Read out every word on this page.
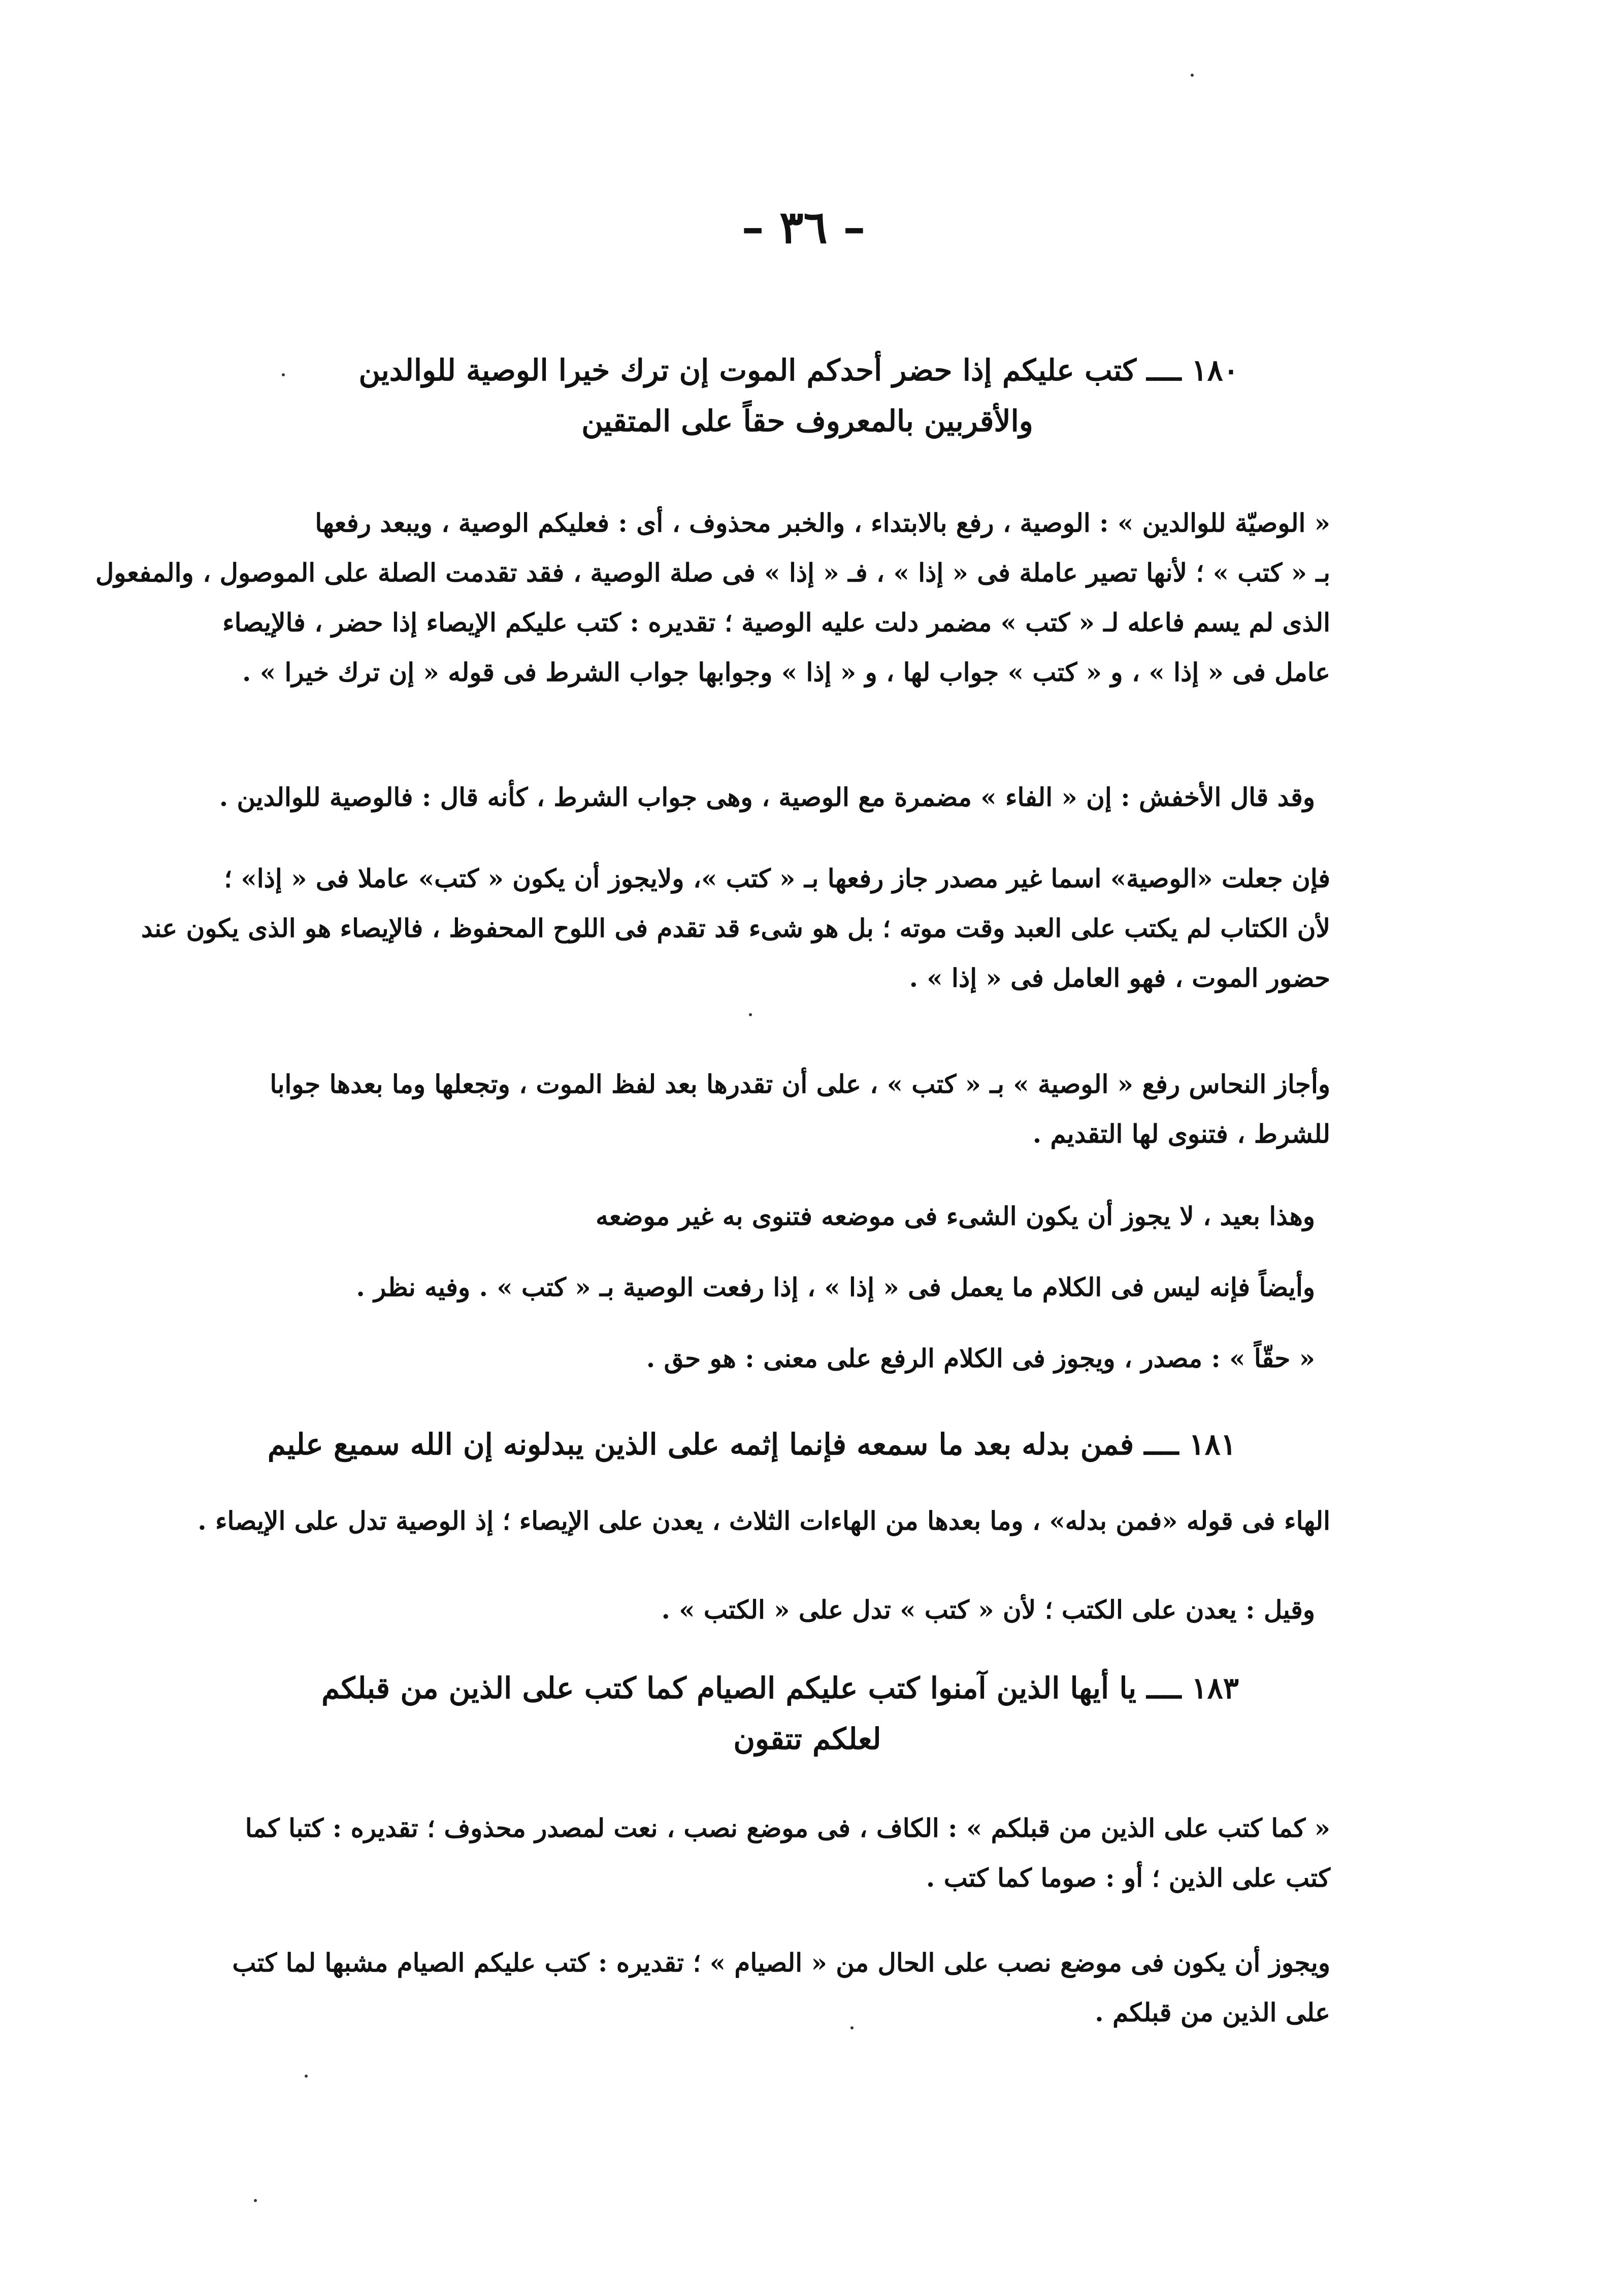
– ٣٦ –
١٨٠ ــــ كتب عليكم إذا حضر أحدكم الموت إن ترك خيرا الوصية للوالدين
والأقربين بالمعروف حقاً على المتقين
« الوصيّة للوالدين » : الوصية ، رفع بالابتداء ، والخبر محذوف ، أى : فعليكم الوصية ، ويبعد رفعها
بـ « كتب » ؛ لأنها تصير عاملة فى « إذا » ، فـ « إذا » فى صلة الوصية ، فقد تقدمت الصلة على الموصول ، والمفعول
الذى لم يسم فاعله لـ « كتب » مضمر دلت عليه الوصية ؛ تقديره : كتب عليكم الإيصاء إذا حضر ، فالإيصاء
عامل فى « إذا » ، و « كتب » جواب لها ، و « إذا » وجوابها جواب الشرط فى قوله « إن ترك خيرا » .
وقد قال الأخفش : إن « الفاء » مضمرة مع الوصية ، وهى جواب الشرط ، كأنه قال : فالوصية للوالدين .
فإن جعلت «الوصية» اسما غير مصدر جاز رفعها بـ « كتب »، ولايجوز أن يكون « كتب» عاملا فى « إذا» ؛
لأن الكتاب لم يكتب على العبد وقت موته ؛ بل هو شىء قد تقدم فى اللوح المحفوظ ، فالإيصاء هو الذى يكون عند
حضور الموت ، فهو العامل فى « إذا » .
وأجاز النحاس رفع « الوصية » بـ « كتب » ، على أن تقدرها بعد لفظ الموت ، وتجعلها وما بعدها جوابا
للشرط ، فتنوى لها التقديم .
وهذا بعيد ، لا يجوز أن يكون الشىء فى موضعه فتنوى به غير موضعه
وأيضاً فإنه ليس فى الكلام ما يعمل فى « إذا » ، إذا رفعت الوصية بـ « كتب » . وفيه نظر .
« حقّاً » : مصدر ، ويجوز فى الكلام الرفع على معنى : هو حق .
١٨١ ــــ فمن بدله بعد ما سمعه فإنما إثمه على الذين يبدلونه إن الله سميع عليم
الهاء فى قوله «فمن بدله» ، وما بعدها من الهاءات الثلاث ، يعدن على الإيصاء ؛ إذ الوصية تدل على الإيصاء .
وقيل : يعدن على الكتب ؛ لأن « كتب » تدل على « الكتب » .
١٨٣ ــــ يا أيها الذين آمنوا كتب عليكم الصيام كما كتب على الذين من قبلكم
لعلكم تتقون
« كما كتب على الذين من قبلكم » : الكاف ، فى موضع نصب ، نعت لمصدر محذوف ؛ تقديره : كتبا كما
كتب على الذين ؛ أو : صوما كما كتب .
ويجوز أن يكون فى موضع نصب على الحال من « الصيام » ؛ تقديره : كتب عليكم الصيام مشبها لما كتب
على الذين من قبلكم .
